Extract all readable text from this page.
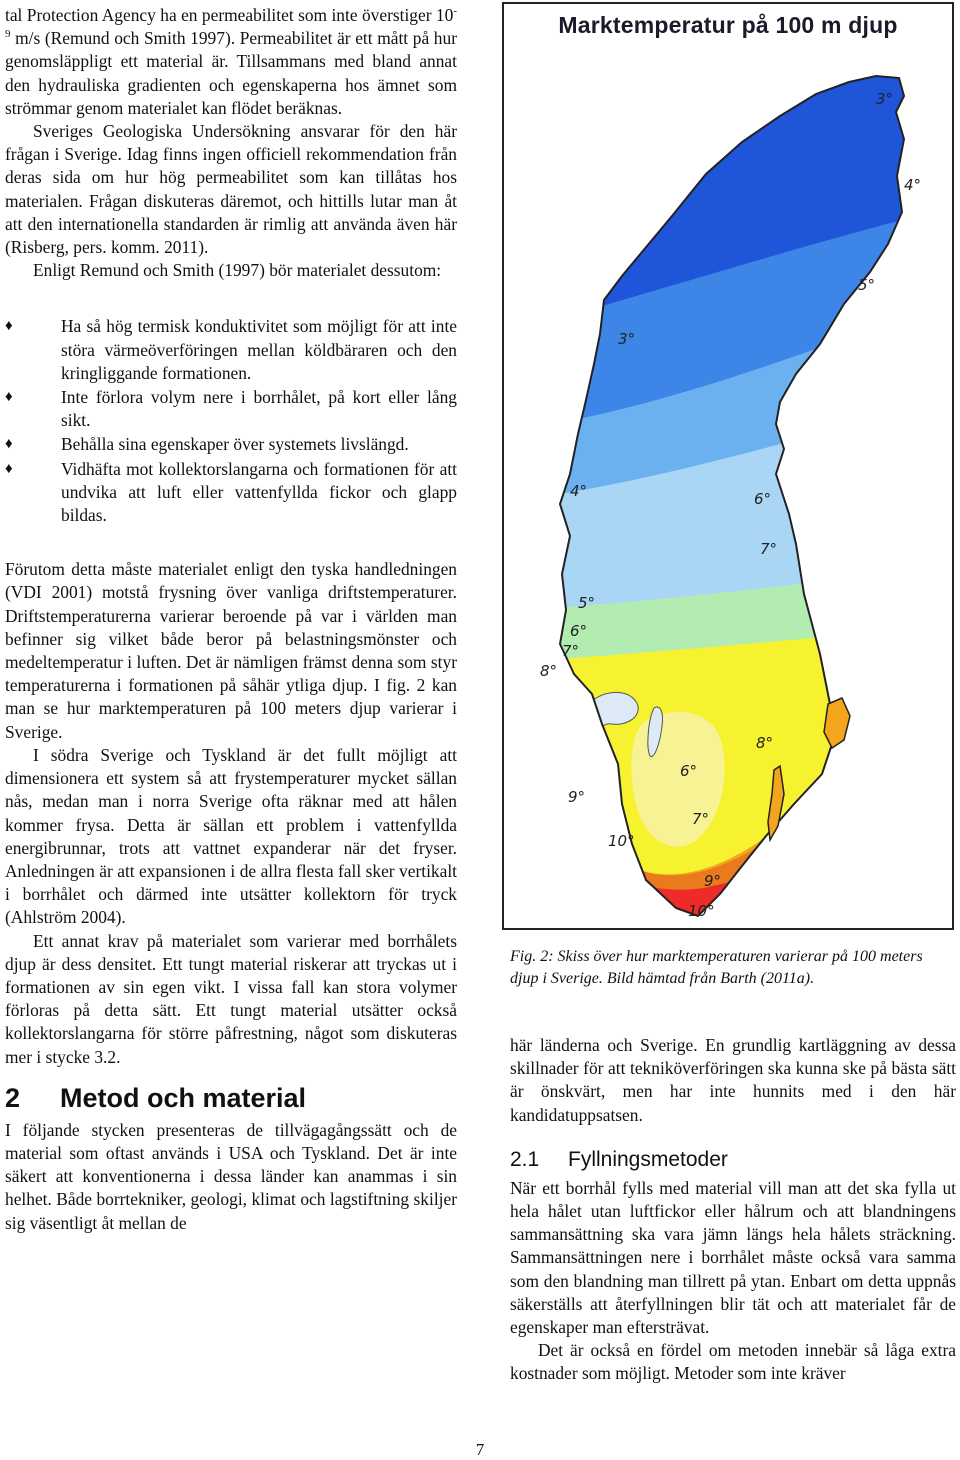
tal Protection Agency ha en permeabilitet som inte överstiger $10^{-9}$ m/s (Remund och Smith 1997). Permeabilitet är ett mått på hur genomsläppligt ett material är. Tillsammans med bland annat den hydrauliska gradienten och egenskaperna hos ämnet som strömmar genom materialet kan flödet beräknas.

Sveriges Geologiska Undersökning ansvarar för den här frågan i Sverige. Idag finns ingen officiell rekommendation från deras sida om hur hög permeabilitet som kan tillåtas hos materialen. Frågan diskuteras däremot, och hittills lutar man åt att den internationella standarden är rimlig att använda även här (Risberg, pers. komm. 2011).

Enligt Remund och Smith (1997) bör materialet dessutom:

♦	Ha så hög termisk konduktivitet som möjligt för att inte störa värmeöverföringen mellan köldbäraren och den kringliggande formationen.
♦	Inte förlora volym nere i borrhålet, på kort eller lång sikt.
♦	Behålla sina egenskaper över systemets livslängd.
♦	Vidhäfta mot kollektorslangarna och formationen för att undvika att luft eller vattenfyllda fickor och glapp bildas.

Förutom detta måste materialet enligt den tyska handledningen (VDI 2001) motstå frysning över vanliga driftstemperaturer. Driftstemperaturerna varierar beroende på var i världen man befinner sig vilket både beror på belastningsmönster och medeltemperatur i luften. Det är nämligen främst denna som styr temperaturerna i formationen på såhär ytliga djup. I fig. 2 kan man se hur marktemperaturen på 100 meters djup varierar i Sverige.

I södra Sverige och Tyskland är det fullt möjligt att dimensionera ett system så att frystemperaturer mycket sällan nås, medan man i norra Sverige ofta räknar med att hålen kommer frysa. Detta är sällan ett problem i vattenfyllda energibrunnar, trots att vattnet expanderar när det fryser. Anledningen är att expansionen i de allra flesta fall sker vertikalt i borrhålet och därmed inte utsätter kollektorn för tryck (Ahlström 2004).

Ett annat krav på materialet som varierar med borrhålets djup är dess densitet. Ett tungt material riskerar att tryckas ut i formationen av sin egen vikt. I vissa fall kan stora volymer förloras på detta sätt. Ett tungt material utsätter också kollektorslangarna för större påfrestning, något som diskuteras mer i stycke 3.2.

2 Metod och material

I följande stycken presenteras de tillvägagångssätt och de material som oftast används i USA och Tyskland. Det är inte säkert att konventionerna i dessa länder kan anammas i sin helhet. Både borrtekniker, geologi, klimat och lagstiftning skiljer sig väsentligt åt mellan de

Marktemperatur på 100 m djup
3°
4°
5°
3°
4°	6°
7°
5°
6°
7°
8°
8°
6°
9°
7°
10°
9°
10°
Fig. 2: Skiss över hur marktemperaturen varierar på 100 meters djup i Sverige. Bild hämtad från Barth (2011a).

här länderna och Sverige. En grundlig kartläggning av dessa skillnader för att tekniköverföringen ska kunna ske på bästa sätt är önskvärt, men har inte hunnits med i den här kandidatuppsatsen.

2.1 Fyllningsmetoder

När ett borrhål fylls med material vill man att det ska fylla ut hela hålet utan luftfickor eller hålrum och att blandningens sammansättning ska vara jämn längs hela hålets sträckning. Sammansättningen nere i borrhålet måste också vara samma som den blandning man tillrett på ytan. Enbart om detta uppnås säkerställs att återfyllningen blir tät och att materialet får de egenskaper man eftersträvat.

Det är också en fördel om metoden innebär så låga extra kostnader som möjligt. Metoder som inte kräver

7
